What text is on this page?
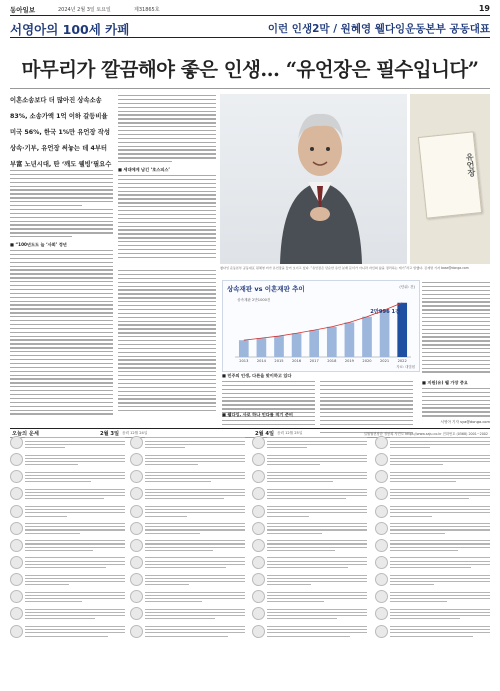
동아일보	2024년 2월 3일 토요일	제31865호	19
서영아의 100세 카페	이런 인생2막 / 원혜영 웰다잉운동본부 공동대표
마무리가 깔끔해야 좋은 인생… “유언장은 필수입니다”
이혼소송보다 더 많아진 상속소송
83%, 소송가액 1억 이하 갈등비율
미국 56%, 한국 1%만 유언장 작성
상속·기부, 유언장 써놓는 데 4부터
부富 노년시대, 딴 ‘깨도 웰빙’필요수
■ “100년도도 늘 ‘사회’ 정년
■ 세대에게 남긴 ‘호스피스’	유언장
웰다잉 운동본부 공동대표 원혜영 씨가 유언장을 들어 보이고 있다. “유언장은 단순한 유산 분배 문서가 아니라 자신의 삶을 정리하는 계기”라고 말했다. 김재명 기자 base@donga.com
상속재판 vs 이혼재판 추이	(단위: 건)
2013 2014 2015 2016 2017 2018 2019 2020 2021 2022
2만996 1건
상속재판 2만1000건
자료: 대법원
■ 민주의 인생, 다른을 맞이하고 있다
■ 웰다잉, 사로 하나 인다를 적기 준비
■ 지원(유) 웰 가장 중요
서영아 기자 sya@donga.com
오늘의 운세	2월 3일 음력 12월 24일	2월 4일 음력 12월 25일	일월월현장한 정봉희 사진도 https://www.saju.co.kr 전화번호 (0568) 2001~2002
